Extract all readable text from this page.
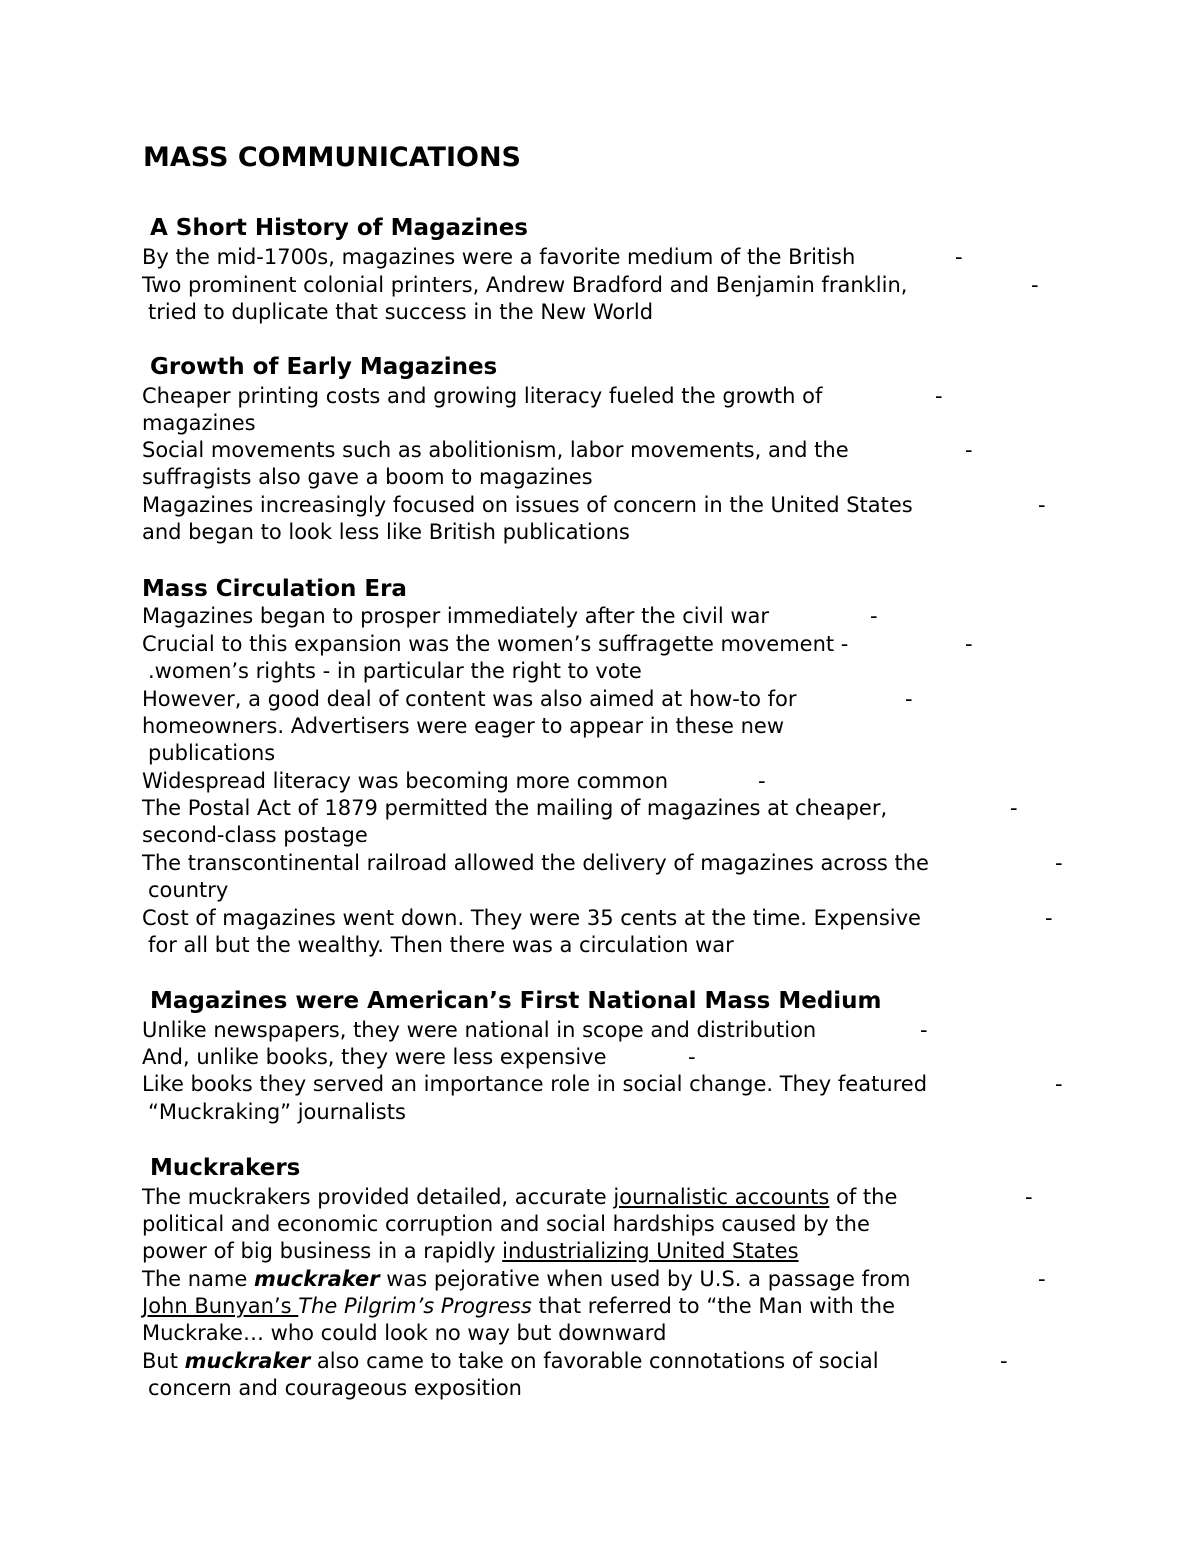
MASS COMMUNICATIONS
A Short History of Magazines

By the mid-1700s, magazines were a favorite medium of the British	-

Two prominent colonial printers, Andrew Bradford and Benjamin franklin,	-

tried to duplicate that success in the New World

Growth of Early Magazines

Cheaper printing costs and growing literacy fueled the growth of	-

magazines

Social movements such as abolitionism, labor movements, and the	-

suffragists also gave a boom to magazines

Magazines increasingly focused on issues of concern in the United States	-

and began to look less like British publications

Mass Circulation Era

Magazines began to prosper immediately after the civil war	-

Crucial to this expansion was the women’s suffragette movement -	-

.women’s rights - in particular the right to vote

However, a good deal of content was also aimed at how-to for	-

homeowners. Advertisers were eager to appear in these new

publications

Widespread literacy was becoming more common	-

The Postal Act of 1879 permitted the mailing of magazines at cheaper,	-

second-class postage

The transcontinental railroad allowed the delivery of magazines across the	-

country

Cost of magazines went down. They were 35 cents at the time. Expensive	-

for all but the wealthy. Then there was a circulation war

Magazines were American’s First National Mass Medium

Unlike newspapers, they were national in scope and distribution	-

And, unlike books, they were less expensive	-

Like books they served an importance role in social change. They featured	-

“Muckraking” journalists

Muckrakers

The muckrakers provided detailed, accurate journalistic accounts of the	-

political and economic corruption and social hardships caused by the

power of big business in a rapidly industrializing United States

The name muckraker was pejorative when used by U.S. a passage from	-

John Bunyan’s The Pilgrim’s Progress that referred to “the Man with the

Muckrake… who could look no way but downward

But muckraker also came to take on favorable connotations of social	-

concern and courageous exposition
